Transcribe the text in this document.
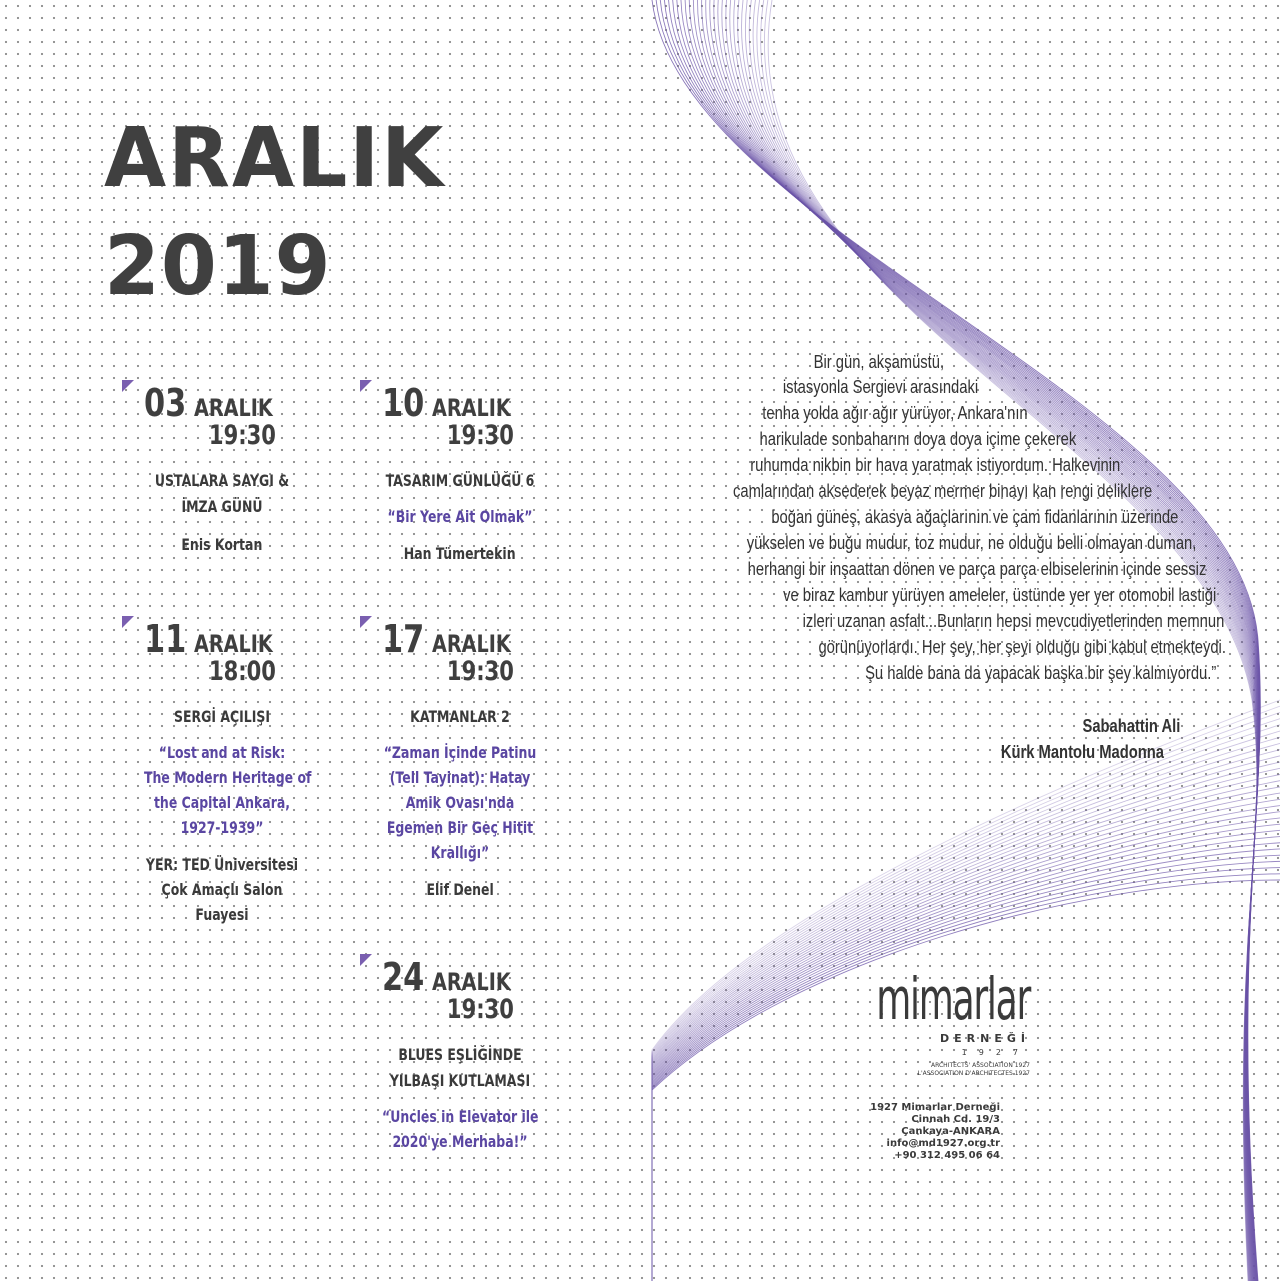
ARALIK
2019
03 ARALIK
19:30
USTALARA SAYGI &
İMZA GÜNÜ
Enis Kortan
10 ARALIK
19:30
TASARIM GÜNLÜĞÜ 6
“Bir Yere Ait Olmak”
Han Tümertekin
11 ARALIK
18:00
SERGİ AÇILIŞI
“Lost and at Risk:
The Modern Heritage of
the Capital Ankara,
1927-1939”
YER: TED Üniversitesi
Çok Amaçlı Salon
Fuayesi
17 ARALIK
19:30
KATMANLAR 2
“Zaman İçinde Patinu
(Tell Tayinat): Hatay
Amik Ovası'nda
Egemen Bir Geç Hitit
Krallığı”
Elif Denel
24 ARALIK
19:30
BLUES EŞLİĞİNDE
YILBAŞI KUTLAMASI
“Uncles in Elevator ile
2020'ye Merhaba!”
Bir gün, akşamüstü,
istasyonla Sergievi arasındaki
tenha yolda ağır ağır yürüyor, Ankara'nın
harikulade sonbaharını doya doya içime çekerek
ruhumda nikbin bir hava yaratmak istiyordum. Halkevinin
camlarından aksederek beyaz mermer binayı kan rengi deliklere
boğan güneş, akasya ağaçlarının ve çam fidanlarının üzerinde
yükselen ve buğu mudur, toz mudur, ne olduğu belli olmayan duman,
herhangi bir inşaattan dönen ve parça parça elbiselerinin içinde sessiz
ve biraz kambur yürüyen ameleler, üstünde yer yer otomobil lastiği
izleri uzanan asfalt...Bunların hepsi mevcudiyetlerinden memnun
görünüyorlardı. Her şey, her şeyi olduğu gibi kabul etmekteydi.
Şu halde bana da yapacak başka bir şey kalmıyordu.”
Sabahattin Ali
Kürk Mantolu Madonna
mimarlar
DERNEĞİ
1927
ARCHITECTS' ASSOCIATION 1927
L'ASSOCIATION D'ARCHITECTES 1927
1927 Mimarlar Derneği
Cinnah Cd. 19/3
Çankaya-ANKARA
info@md1927.org.tr
+90 312 495 06 64
